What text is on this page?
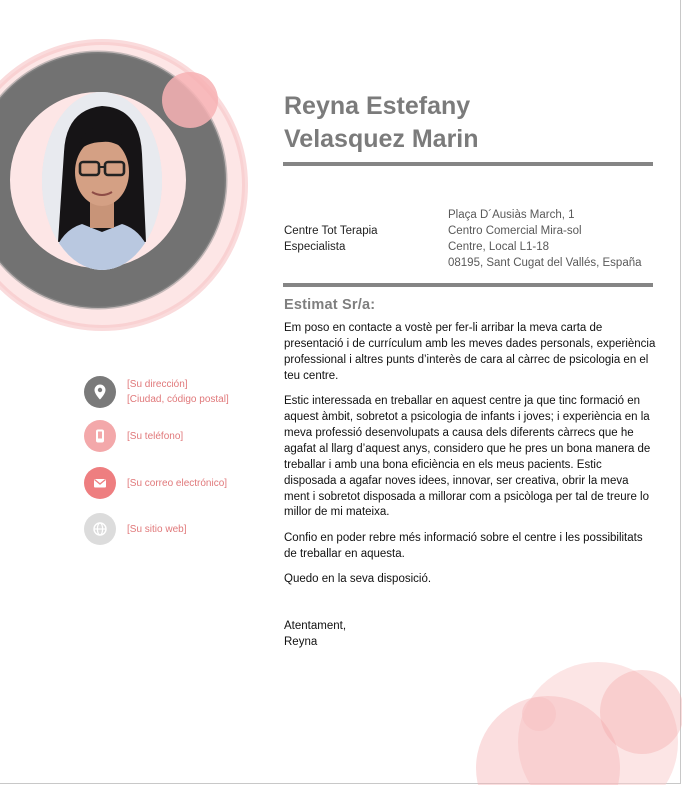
Reyna Estefany
Velasquez Marin
Centre Tot Terapia
Especialista
Plaça D´Ausiàs March, 1
Centro Comercial Mira-sol
Centre, Local L1-18
08195, Sant Cugat del Vallés, España
Estimat Sr/a:

Em poso en contacte a vostè per fer-li arribar la meva carta de presentació i de currículum amb les meves dades personals, experiència professional i altres punts d’interès de cara al càrrec de psicologia en el teu centre.

Estic interessada en treballar en aquest centre ja que tinc formació en aquest àmbit, sobretot a psicologia de infants i joves; i experiència en la meva professió desenvolupats a causa dels diferents càrrecs que he agafat al llarg d’aquest anys, considero que he pres un bona manera de treballar i amb una bona eficiència en els meus pacients. Estic disposada a agafar noves idees, innovar, ser creativa, obrir la meva ment i sobretot disposada a millorar com a psicòloga per tal de treure lo millor de mi mateixa.

Confio en poder rebre més informació sobre el centre i les possibilitats de treballar en aquesta.

Quedo en la seva disposició.

Atentament,
Reyna
[Su dirección]
[Ciudad, código postal]
[Su teléfono]
[Su correo electrónico]
[Su sitio web]
